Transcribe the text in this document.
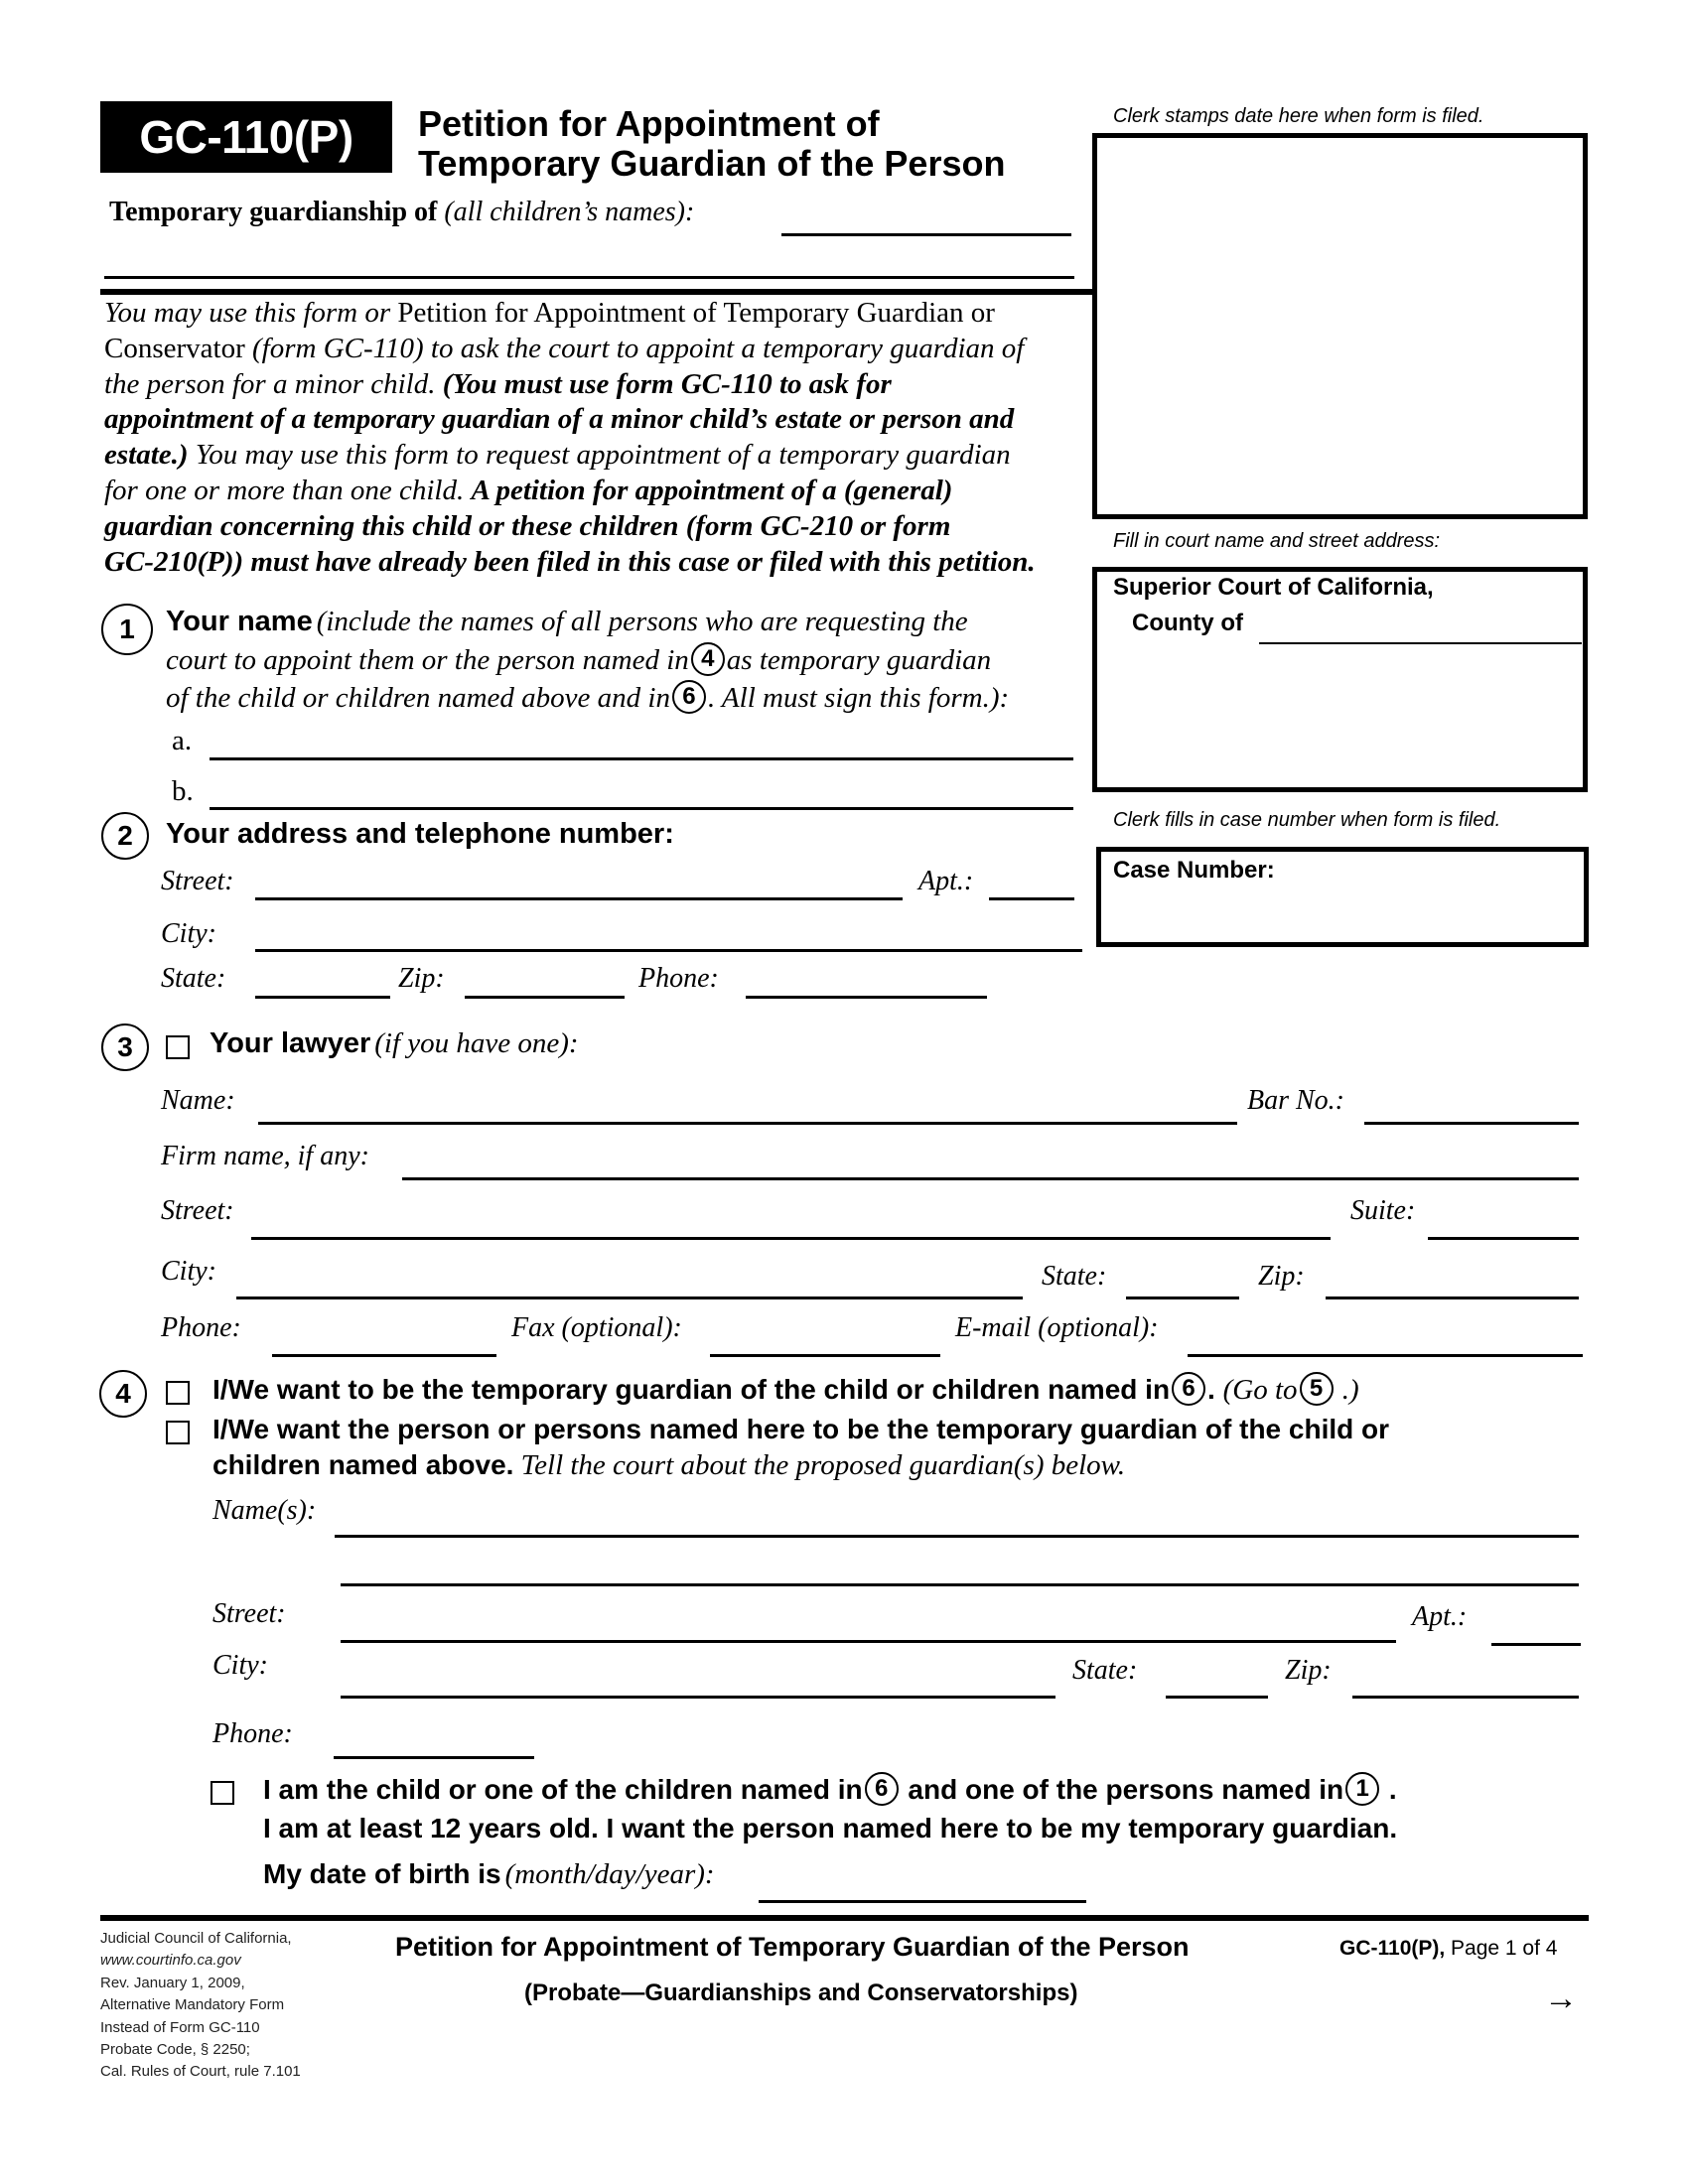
GC-110(P) Petition for Appointment of
Temporary Guardian of the Person
Temporary guardianship of (all children’s names):
Clerk stamps date here when form is filed.
Fill in court name and street address:
Superior Court of California,
County of
Clerk fills in case number when form is filed.
Case Number:
You may use this form or Petition for Appointment of Temporary Guardian or
Conservator (form GC-110) to ask the court to appoint a temporary guardian of
the person for a minor child. (You must use form GC-110 to ask for
appointment of a temporary guardian of a minor child’s estate or person and
estate.) You may use this form to request appointment of a temporary guardian
for one or more than one child. A petition for appointment of a (general)
guardian concerning this child or these children (form GC-210 or form
GC-210(P)) must have already been filed in this case or filed with this petition.
1	Your name (include the names of all persons who are requesting the
court to appoint them or the person named in 4 as temporary guardian
of the child or children named above and in 6 . All must sign this form.):
a.
b.
2	Your address and telephone number:
Street:	Apt.:
City:
State:	Zip:	Phone:
3	Your lawyer (if you have one):
Name:	Bar No.:
Firm name, if any:
Street:	Suite:
City:	State:	Zip:
Phone:	Fax (optional):	E-mail (optional):
4	I/We want to be the temporary guardian of the child or children named in 6 . (Go to 5 .)
I/We want the person or persons named here to be the temporary guardian of the child or
children named above. Tell the court about the proposed guardian(s) below.
Name(s):
Street:	Apt.:
City:	State:	Zip:
Phone:
I am the child or one of the children named in 6 and one of the persons named in 1 .
I am at least 12 years old. I want the person named here to be my temporary guardian.
My date of birth is (month/day/year):
Judicial Council of California,
www.courtinfo.ca.gov
Rev. January 1, 2009,
Alternative Mandatory Form
Instead of Form GC-110
Probate Code, § 2250;
Cal. Rules of Court, rule 7.101
Petition for Appointment of Temporary Guardian of the Person
(Probate—Guardianships and Conservatorships)
GC-110(P), Page 1 of 4
→
